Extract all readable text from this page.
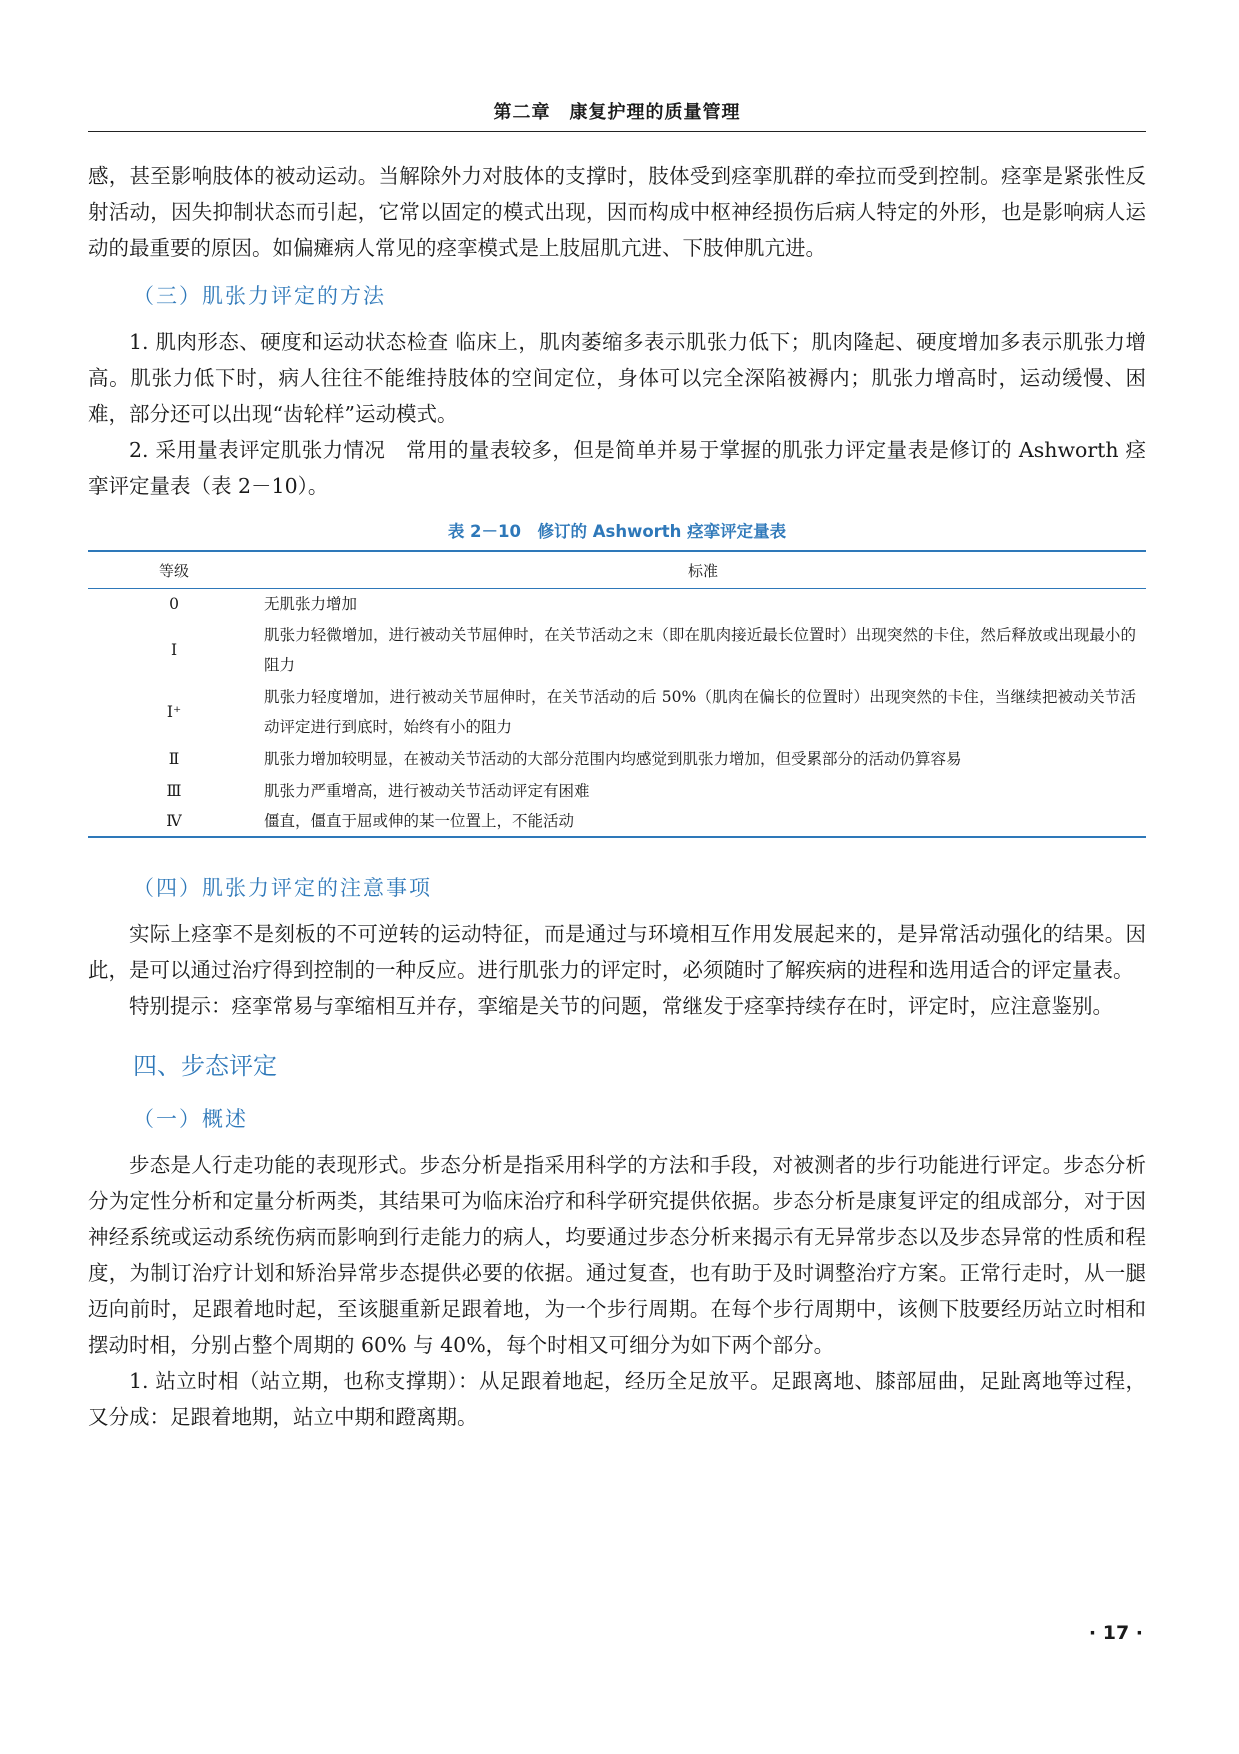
第二章　康复护理的质量管理

感，甚至影响肢体的被动运动。当解除外力对肢体的支撑时，肢体受到痉挛肌群的牵拉而受到控制。痉挛是紧张性反射活动，因失抑制状态而引起，它常以固定的模式出现，因而构成中枢神经损伤后病人特定的外形，也是影响病人运动的最重要的原因。如偏瘫病人常见的痉挛模式是上肢屈肌亢进、下肢伸肌亢进。

（三）肌张力评定的方法

1. 肌肉形态、硬度和运动状态检查 临床上，肌肉萎缩多表示肌张力低下；肌肉隆起、硬度增加多表示肌张力增高。肌张力低下时，病人往往不能维持肢体的空间定位，身体可以完全深陷被褥内；肌张力增高时，运动缓慢、困难，部分还可以出现“齿轮样”运动模式。

2. 采用量表评定肌张力情况　常用的量表较多，但是简单并易于掌握的肌张力评定量表是修订的 Ashworth 痉挛评定量表（表 2－10）。

表 2－10　修订的 Ashworth 痉挛评定量表
等级	标准
0	无肌张力增加
Ⅰ	肌张力轻微增加，进行被动关节屈伸时，在关节活动之末（即在肌肉接近最长位置时）出现突然的卡住，然后释放或出现最小的阻力
Ⅰ⁺	肌张力轻度增加，进行被动关节屈伸时，在关节活动的后 50%（肌肉在偏长的位置时）出现突然的卡住，当继续把被动关节活动评定进行到底时，始终有小的阻力
Ⅱ	肌张力增加较明显，在被动关节活动的大部分范围内均感觉到肌张力增加，但受累部分的活动仍算容易
Ⅲ	肌张力严重增高，进行被动关节活动评定有困难
Ⅳ	僵直，僵直于屈或伸的某一位置上，不能活动
（四）肌张力评定的注意事项

实际上痉挛不是刻板的不可逆转的运动特征，而是通过与环境相互作用发展起来的，是异常活动强化的结果。因此，是可以通过治疗得到控制的一种反应。进行肌张力的评定时，必须随时了解疾病的进程和选用适合的评定量表。

特别提示：痉挛常易与挛缩相互并存，挛缩是关节的问题，常继发于痉挛持续存在时，评定时，应注意鉴别。

四、步态评定
（一）概述

步态是人行走功能的表现形式。步态分析是指采用科学的方法和手段，对被测者的步行功能进行评定。步态分析分为定性分析和定量分析两类，其结果可为临床治疗和科学研究提供依据。步态分析是康复评定的组成部分，对于因神经系统或运动系统伤病而影响到行走能力的病人，均要通过步态分析来揭示有无异常步态以及步态异常的性质和程度，为制订治疗计划和矫治异常步态提供必要的依据。通过复查，也有助于及时调整治疗方案。正常行走时，从一腿迈向前时，足跟着地时起，至该腿重新足跟着地，为一个步行周期。在每个步行周期中，该侧下肢要经历站立时相和摆动时相，分别占整个周期的 60% 与 40%，每个时相又可细分为如下两个部分。

1. 站立时相（站立期，也称支撑期）：从足跟着地起，经历全足放平。足跟离地、膝部屈曲，足趾离地等过程，又分成：足跟着地期，站立中期和蹬离期。

· 17 ·
